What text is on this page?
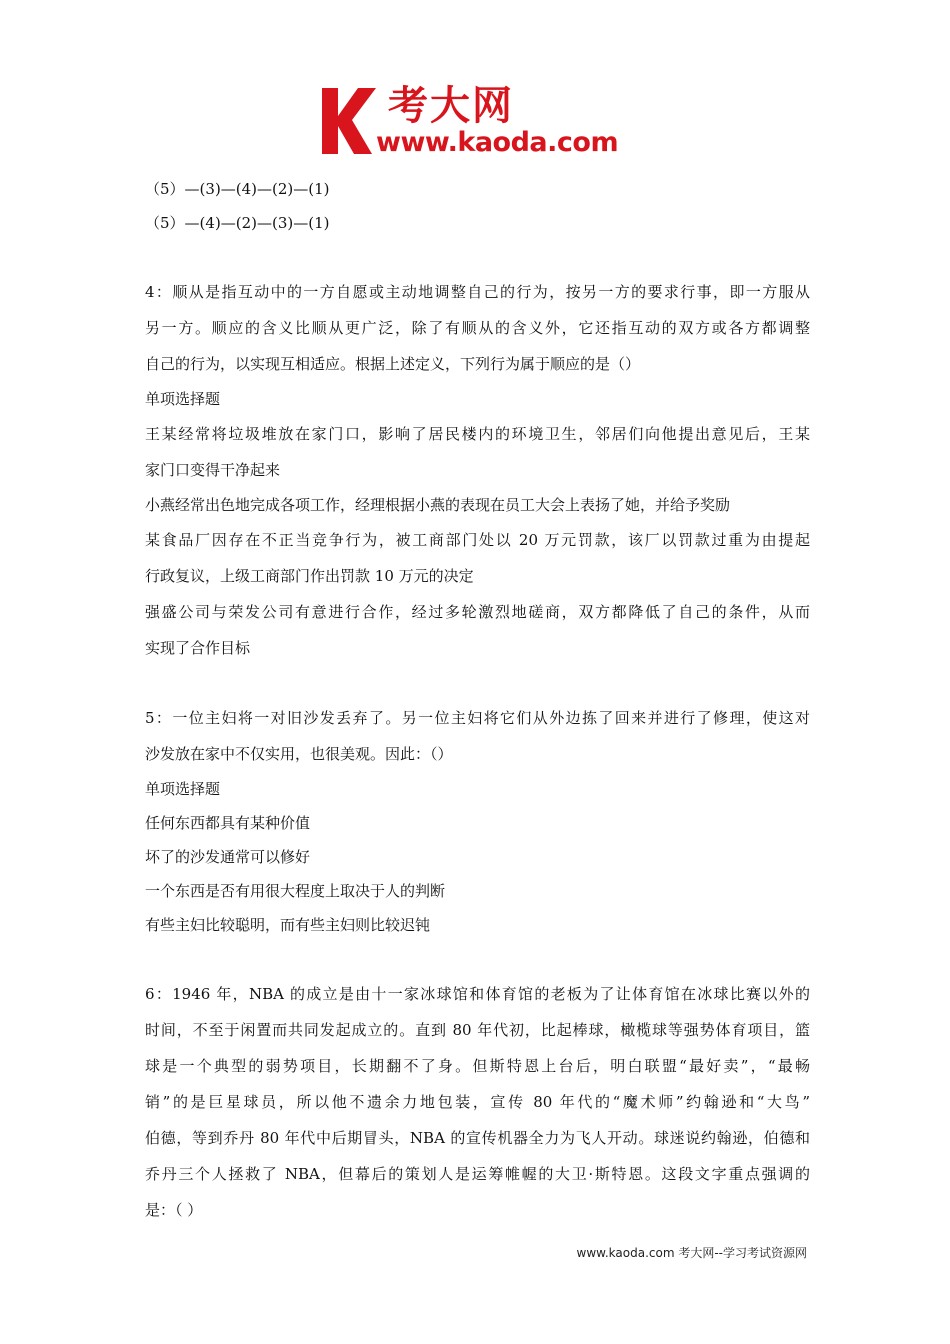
考大网
www.kaoda.com
（5）—(3)—(4)—(2)—(1)
（5）—(4)—(2)—(3)—(1)
4：顺从是指互动中的一方自愿或主动地调整自己的行为，按另一方的要求行事，即一方服从
另一方。顺应的含义比顺从更广泛，除了有顺从的含义外，它还指互动的双方或各方都调整
自己的行为，以实现互相适应。根据上述定义，下列行为属于顺应的是（）
单项选择题
王某经常将垃圾堆放在家门口，影响了居民楼内的环境卫生，邻居们向他提出意见后，王某
家门口变得干净起来
小燕经常出色地完成各项工作，经理根据小燕的表现在员工大会上表扬了她，并给予奖励
某食品厂因存在不正当竞争行为，被工商部门处以 20 万元罚款，该厂以罚款过重为由提起
行政复议，上级工商部门作出罚款 10 万元的决定
强盛公司与荣发公司有意进行合作，经过多轮激烈地磋商，双方都降低了自己的条件，从而
实现了合作目标
5：一位主妇将一对旧沙发丢弃了。另一位主妇将它们从外边拣了回来并进行了修理，使这对
沙发放在家中不仅实用，也很美观。因此：（）
单项选择题
任何东西都具有某种价值
坏了的沙发通常可以修好
一个东西是否有用很大程度上取决于人的判断
有些主妇比较聪明，而有些主妇则比较迟钝
6：1946 年，NBA 的成立是由十一家冰球馆和体育馆的老板为了让体育馆在冰球比赛以外的
时间，不至于闲置而共同发起成立的。直到 80 年代初，比起棒球，橄榄球等强势体育项目，篮
球是一个典型的弱势项目，长期翻不了身。但斯特恩上台后，明白联盟“最好卖”，“最畅
销”的是巨星球员，所以他不遗余力地包装，宣传 80 年代的“魔术师”约翰逊和“大鸟”
伯德，等到乔丹 80 年代中后期冒头，NBA 的宣传机器全力为飞人开动。球迷说约翰逊，伯德和
乔丹三个人拯救了 NBA，但幕后的策划人是运筹帷幄的大卫·斯特恩。这段文字重点强调的
是：（ ）
www.kaoda.com 考大网--学习考试资源网
